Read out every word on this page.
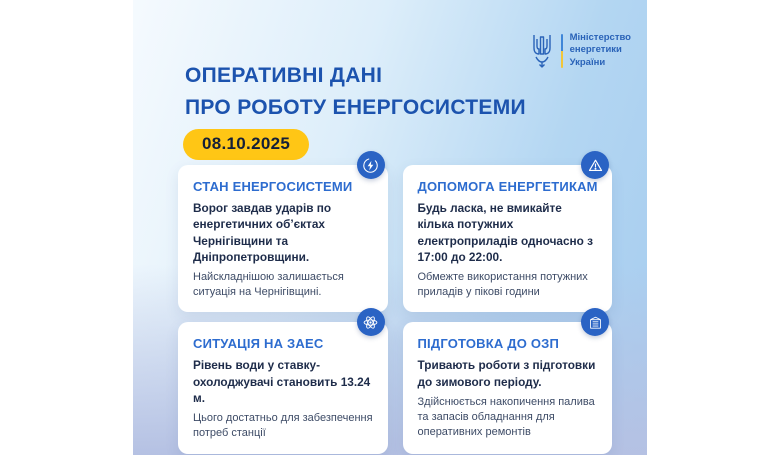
Міністерство
енергетики
України
ОПЕРАТИВНІ ДАНІ
ПРО РОБОТУ ЕНЕРГОСИСТЕМИ
08.10.2025
СТАН ЕНЕРГОСИСТЕМИ

Ворог завдав ударів по енергетичних об’єктах Чернігівщини та Дніпропетровщини.

Найскладнішою залишається ситуація на Чернігівщині.

ДОПОМОГА ЕНЕРГЕТИКАМ

Будь ласка, не вмикайте кілька потужних електроприладів одночасно з 17:00 до 22:00.

Обмежте використання потужних приладів у пікові години

СИТУАЦІЯ НА ЗАЕС

Рівень води у ставку-охолоджувачі становить 13.24 м.

Цього достатньо для забезпечення потреб станції

ПІДГОТОВКА ДО ОЗП

Тривають роботи з підготовки до зимового періоду.

Здійснюється накопичення палива та запасів обладнання для оперативних ремонтів
